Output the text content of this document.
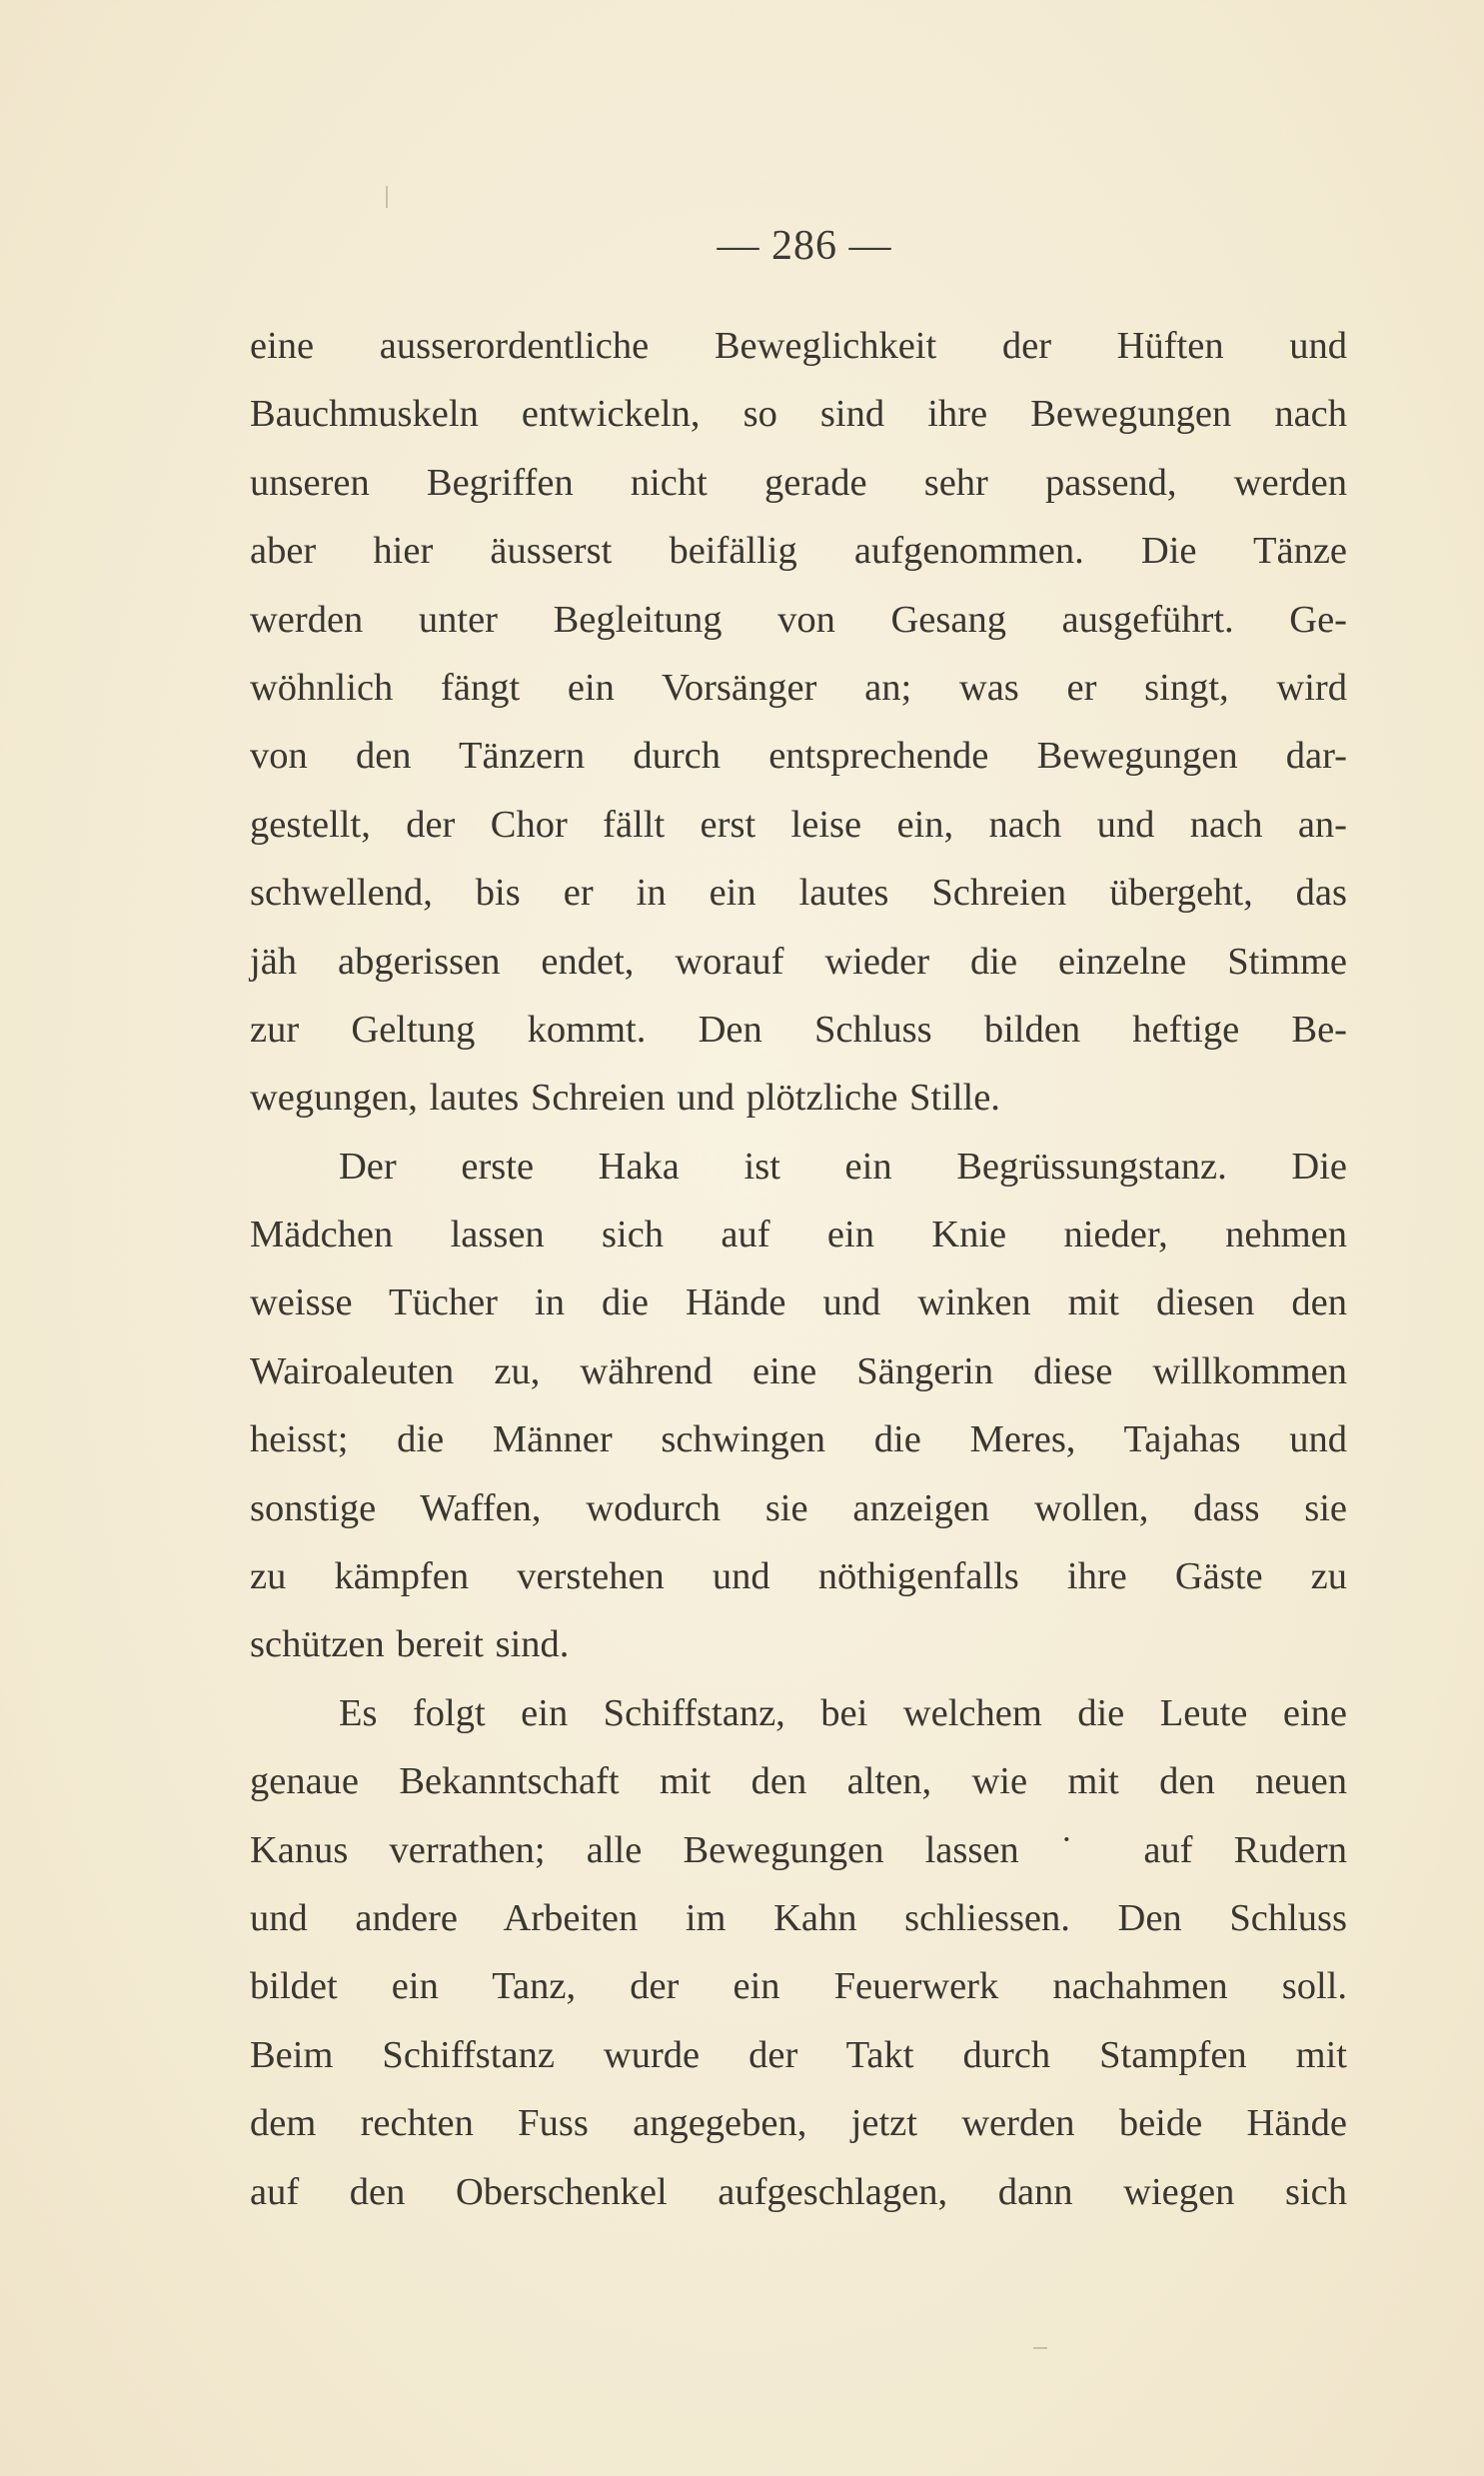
— 286 —
eine ausserordentliche Beweglichkeit der Hüften und
Bauchmuskeln entwickeln, so sind ihre Bewegungen nach
unseren Begriffen nicht gerade sehr passend, werden
aber hier äusserst beifällig aufgenommen. Die Tänze
werden unter Begleitung von Gesang ausgeführt. Ge-
wöhnlich fängt ein Vorsänger an; was er singt, wird
von den Tänzern durch entsprechende Bewegungen dar-
gestellt, der Chor fällt erst leise ein, nach und nach an-
schwellend, bis er in ein lautes Schreien übergeht, das
jäh abgerissen endet, worauf wieder die einzelne Stimme
zur Geltung kommt. Den Schluss bilden heftige Be-
wegungen, lautes Schreien und plötzliche Stille.
Der erste Haka ist ein Begrüssungstanz. Die
Mädchen lassen sich auf ein Knie nieder, nehmen
weisse Tücher in die Hände und winken mit diesen den
Wairoaleuten zu, während eine Sängerin diese willkommen
heisst; die Männer schwingen die Meres, Tajahas und
sonstige Waffen, wodurch sie anzeigen wollen, dass sie
zu kämpfen verstehen und nöthigenfalls ihre Gäste zu
schützen bereit sind.
Es folgt ein Schiffstanz, bei welchem die Leute eine
genaue Bekanntschaft mit den alten, wie mit den neuen
Kanus verrathen; alle Bewegungen lassen ˙ auf Rudern
und andere Arbeiten im Kahn schliessen. Den Schluss
bildet ein Tanz, der ein Feuerwerk nachahmen soll.
Beim Schiffstanz wurde der Takt durch Stampfen mit
dem rechten Fuss angegeben, jetzt werden beide Hände
auf den Oberschenkel aufgeschlagen, dann wiegen sich
